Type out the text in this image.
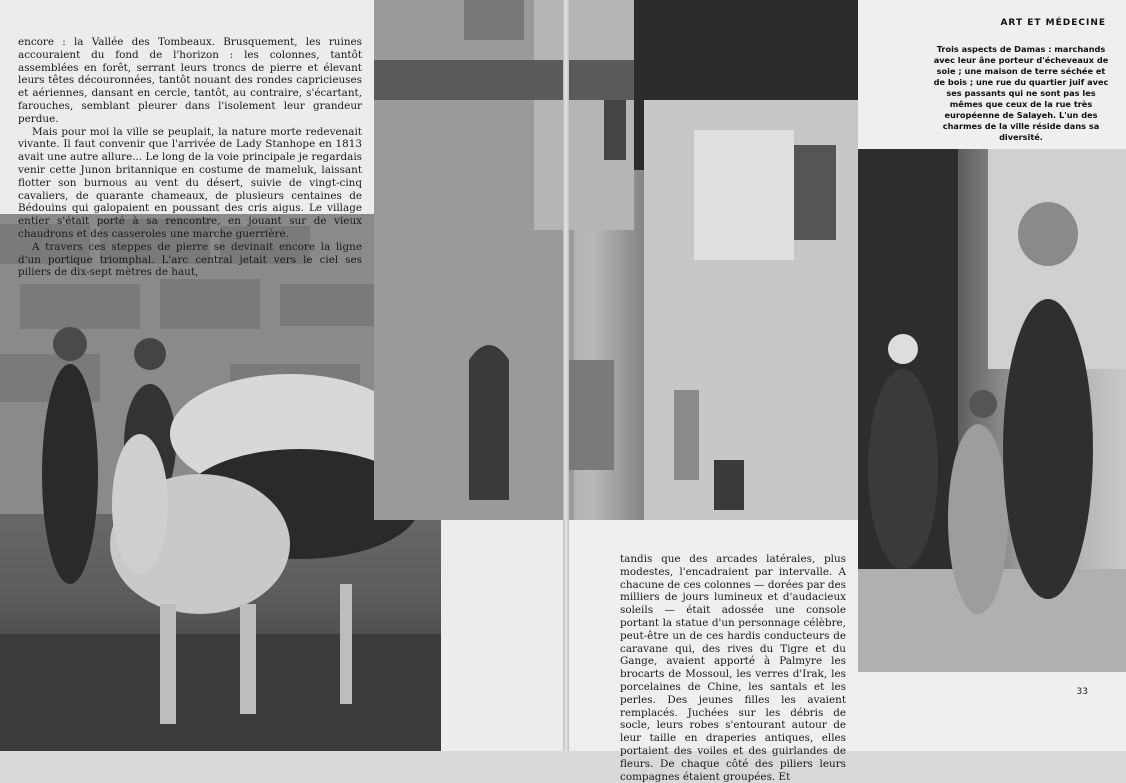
encore : la Vallée des Tombeaux. Brusquement, les ruines accouraient du fond de l'horizon : les colonnes, tantôt assemblées en forêt, serrant leurs troncs de pierre et élevant leurs têtes découronnées, tantôt nouant des rondes capricieuses et aériennes, dansant en cercle, tantôt, au contraire, s'écartant, farouches, semblant pleurer dans l'isolement leur grandeur perdue.

Mais pour moi la ville se peuplait, la nature morte redevenait vivante. Il faut convenir que l'arrivée de Lady Stanhope en 1813 avait une autre allure... Le long de la voie principale je regardais venir cette Junon britannique en costume de mameluk, laissant flotter son burnous au vent du désert, suivie de vingt-cinq cavaliers, de quarante chameaux, de plusieurs centaines de Bédouins qui galopaient en poussant des cris aigus. Le village entier s'était porté à sa rencontre, en jouant sur de vieux chaudrons et des casseroles une marche guerrière.

A travers ces steppes de pierre se devinait encore la ligne d'un portique triomphal. L'arc central jetait vers le ciel ses piliers de dix-sept mètres de haut,

ART ET MÉDECINE
Trois aspects de Damas : marchands avec leur âne porteur d'écheveaux de soie ; une maison de terre séchée et de bois ; une rue du quartier juif avec ses passants qui ne sont pas les mêmes que ceux de la rue très européenne de Salayeh. L'un des charmes de la ville réside dans sa diversité.

tandis que des arcades latérales, plus modestes, l'encadraient par intervalle. A chacune de ces colonnes — dorées par des milliers de jours lumineux et d'audacieux soleils — était adossée une console portant la statue d'un personnage célèbre, peut-être un de ces hardis conducteurs de caravane qui, des rives du Tigre et du Gange, avaient apporté à Palmyre les brocarts de Mossoul, les verres d'Irak, les porcelaines de Chine, les santals et les perles. Des jeunes filles les avaient remplacés. Juchées sur les débris de socle, leurs robes s'entourant autour de leur taille en draperies antiques, elles portaient des voiles et des guirlandes de fleurs. De chaque côté des piliers leurs compagnes étaient groupées. Et

33
